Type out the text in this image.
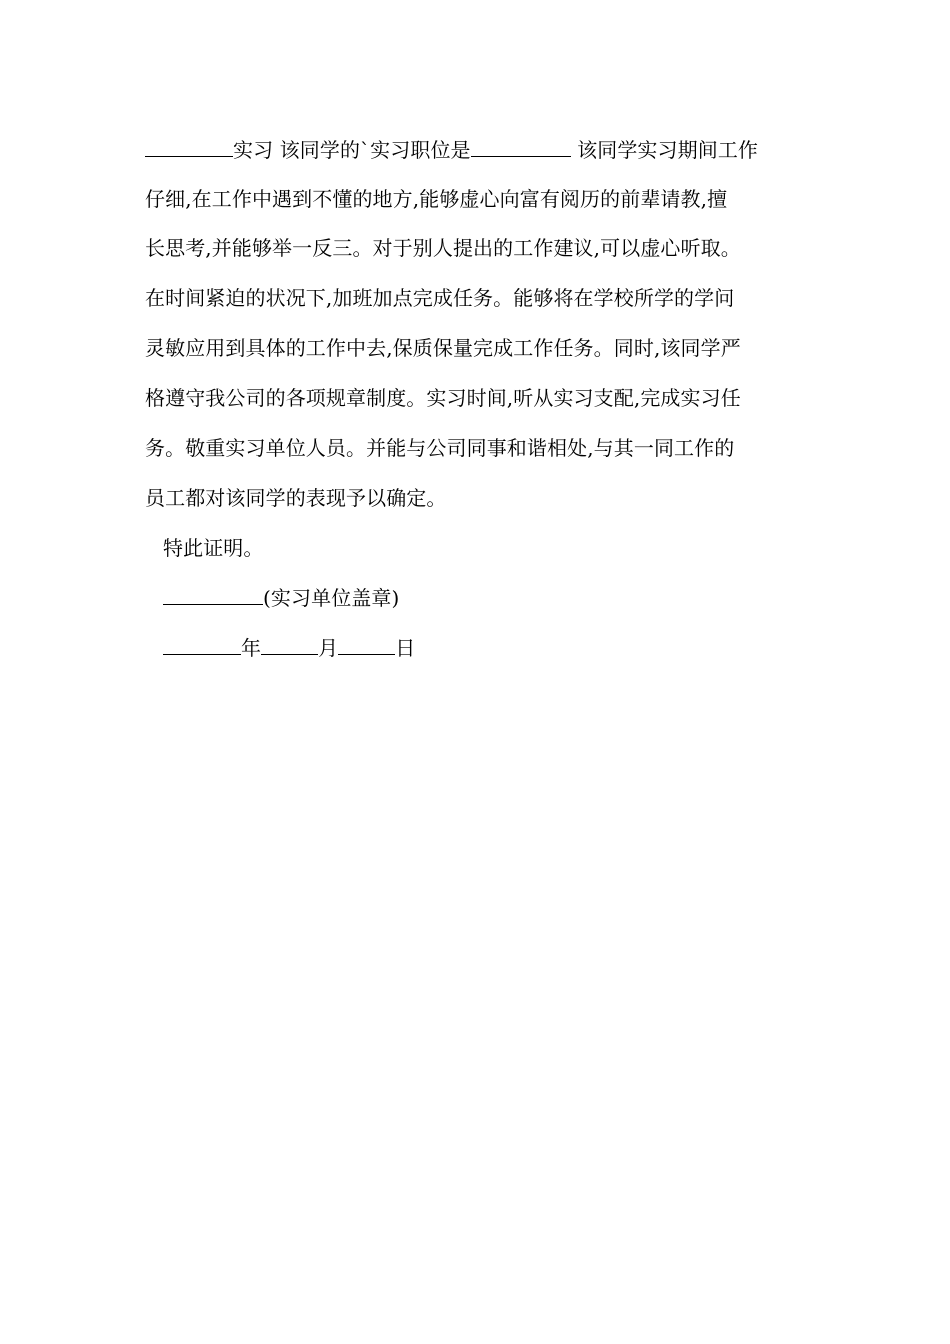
实习 该同学的`实习职位是	该同学实习期间工作
仔细,在工作中遇到不懂的地方,能够虚心向富有阅历的前辈请教,擅
长思考,并能够举一反三。对于别人提出的工作建议,可以虚心听取。
在时间紧迫的状况下,加班加点完成任务。能够将在学校所学的学问
灵敏应用到具体的工作中去,保质保量完成工作任务。同时,该同学严
格遵守我公司的各项规章制度。实习时间,听从实习支配,完成实习任
务。敬重实习单位人员。并能与公司同事和谐相处,与其一同工作的
员工都对该同学的表现予以确定。
特此证明。
(实习单位盖章)
年	月	日
